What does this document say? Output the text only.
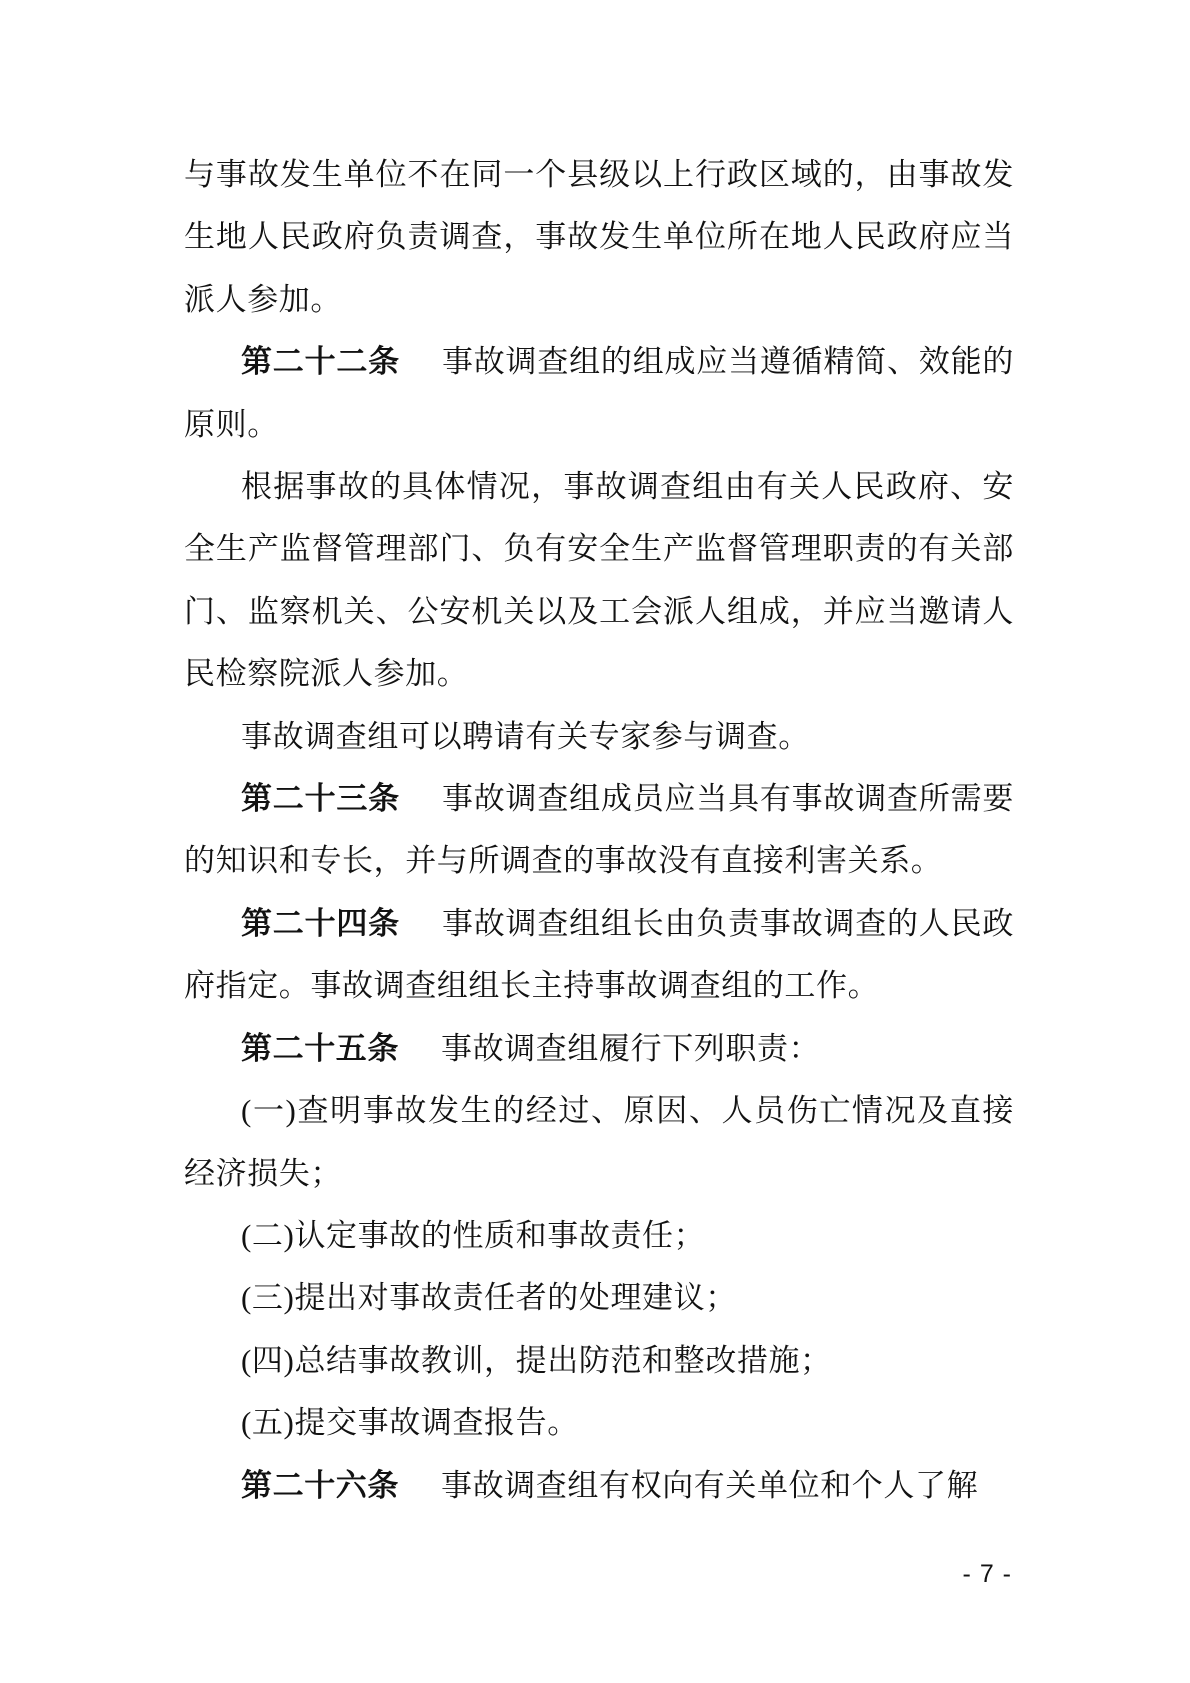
与事故发生单位不在同一个县级以上行政区域的，由事故发生地人民政府负责调查，事故发生单位所在地人民政府应当派人参加。

第二十二条 事故调查组的组成应当遵循精简、效能的原则。

根据事故的具体情况，事故调查组由有关人民政府、安全生产监督管理部门、负有安全生产监督管理职责的有关部门、监察机关、公安机关以及工会派人组成，并应当邀请人民检察院派人参加。

事故调查组可以聘请有关专家参与调查。

第二十三条 事故调查组成员应当具有事故调查所需要的知识和专长，并与所调查的事故没有直接利害关系。

第二十四条 事故调查组组长由负责事故调查的人民政府指定。事故调查组组长主持事故调查组的工作。

第二十五条 事故调查组履行下列职责：

(一)查明事故发生的经过、原因、人员伤亡情况及直接经济损失；

(二)认定事故的性质和事故责任；

(三)提出对事故责任者的处理建议；

(四)总结事故教训，提出防范和整改措施；

(五)提交事故调查报告。

第二十六条 事故调查组有权向有关单位和个人了解

- 7 -
